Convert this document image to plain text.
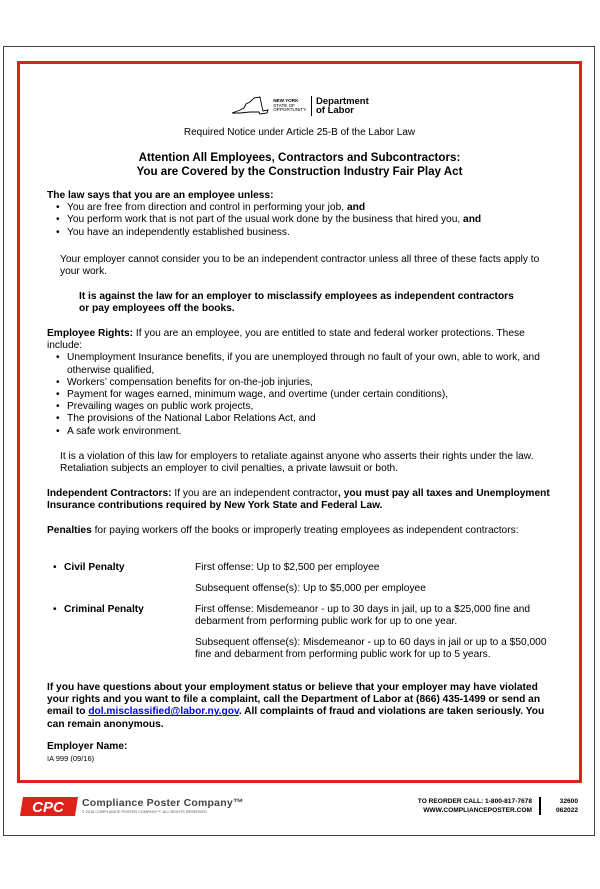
NEW YORK
STATE OF
OPPORTUNITY.
Department
of Labor
Required Notice under Article 25-B of the Labor Law
Attention All Employees, Contractors and Subcontractors:
You are Covered by the Construction Industry Fair Play Act
The law says that you are an employee unless:
• You are free from direction and control in performing your job, and
• You perform work that is not part of the usual work done by the business that hired you, and
• You have an independently established business.
Your employer cannot consider you to be an independent contractor unless all three of these facts apply to your work.
It is against the law for an employer to misclassify employees as independent contractors or pay employees off the books.
Employee Rights: If you are an employee, you are entitled to state and federal worker protections. These include:
• Unemployment Insurance benefits, if you are unemployed through no fault of your own, able to work, and otherwise qualified,
• Workers’ compensation benefits for on-the-job injuries,
• Payment for wages earned, minimum wage, and overtime (under certain conditions),
• Prevailing wages on public work projects,
• The provisions of the National Labor Relations Act, and
• A safe work environment.
It is a violation of this law for employers to retaliate against anyone who asserts their rights under the law. Retaliation subjects an employer to civil penalties, a private lawsuit or both.
Independent Contractors: If you are an independent contractor, you must pay all taxes and Unemployment Insurance contributions required by New York State and Federal Law.
Penalties for paying workers off the books or improperly treating employees as independent contractors:
• Civil Penalty	First offense: Up to $2,500 per employee
Subsequent offense(s): Up to $5,000 per employee
• Criminal Penalty	First offense: Misdemeanor - up to 30 days in jail, up to a $25,000 fine and debarment from performing public work for up to one year.
Subsequent offense(s): Misdemeanor - up to 60 days in jail or up to a $50,000 fine and debarment from performing public work for up to 5 years.
If you have questions about your employment status or believe that your employer may have violated your rights and you want to file a complaint, call the Department of Labor at (866) 435-1499 or send an email to dol.misclassified@labor.ny.gov. All complaints of fraud and violations are taken seriously. You can remain anonymous.
Employer Name:
IA 999 (09/16)
CPC Compliance Poster Company™
© 2016 COMPLIANCE POSTER COMPANY™. ALL RIGHTS RESERVED.
TO REORDER CALL: 1-800-817-7678
WWW.COMPLIANCEPOSTER.COM
32600
062022
